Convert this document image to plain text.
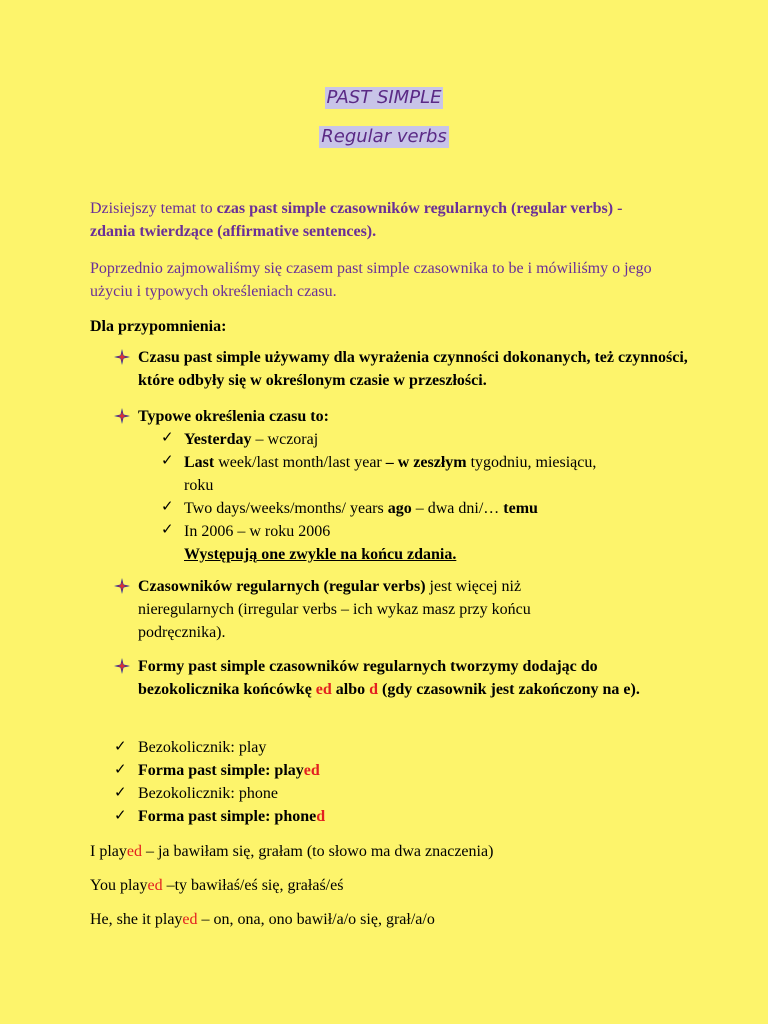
PAST SIMPLE
Regular verbs
Dzisiejszy temat to czas past simple czasowników regularnych (regular verbs) - zdania twierdzące (affirmative sentences).
Poprzednio zajmowaliśmy się czasem past simple czasownika to be i mówiliśmy o jego użyciu i typowych określeniach czasu.
Dla przypomnienia:
Czasu past simple używamy dla wyrażenia czynności dokonanych, też czynności, które odbyły się w określonym czasie w przeszłości.
Typowe określenia czasu to:
✓ Yesterday – wczoraj
✓ Last week/last month/last year – w zeszłym tygodniu, miesiącu,
roku
✓ Two days/weeks/months/ years ago – dwa dni/… temu
✓ In 2006 – w roku 2006
Występują one zwykle na końcu zdania.
Czasowników regularnych (regular verbs) jest więcej niż nieregularnych (irregular verbs – ich wykaz masz przy końcu podręcznika).
Formy past simple czasowników regularnych tworzymy dodając do bezokolicznika końcówkę ed albo d (gdy czasownik jest zakończony na e).
✓ Bezokolicznik: play
✓ Forma past simple: played
✓ Bezokolicznik: phone
✓ Forma past simple: phoned
I played – ja bawiłam się, grałam (to słowo ma dwa znaczenia)
You played –ty bawiłaś/eś się, grałaś/eś
He, she it played – on, ona, ono bawił/a/o się, grał/a/o
